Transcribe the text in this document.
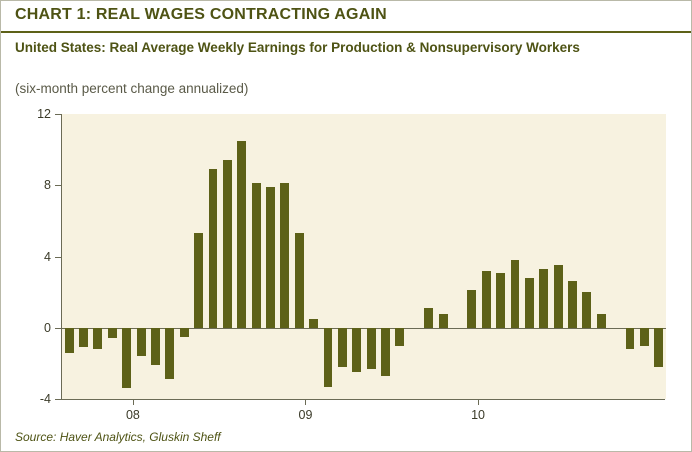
CHART 1: REAL WAGES CONTRACTING AGAIN
United States: Real Average Weekly Earnings for Production & Nonsupervisory Workers
(six-month percent change annualized)
Source: Haver Analytics, Gluskin Sheff
-4
0
4
8
12
08	09	10
